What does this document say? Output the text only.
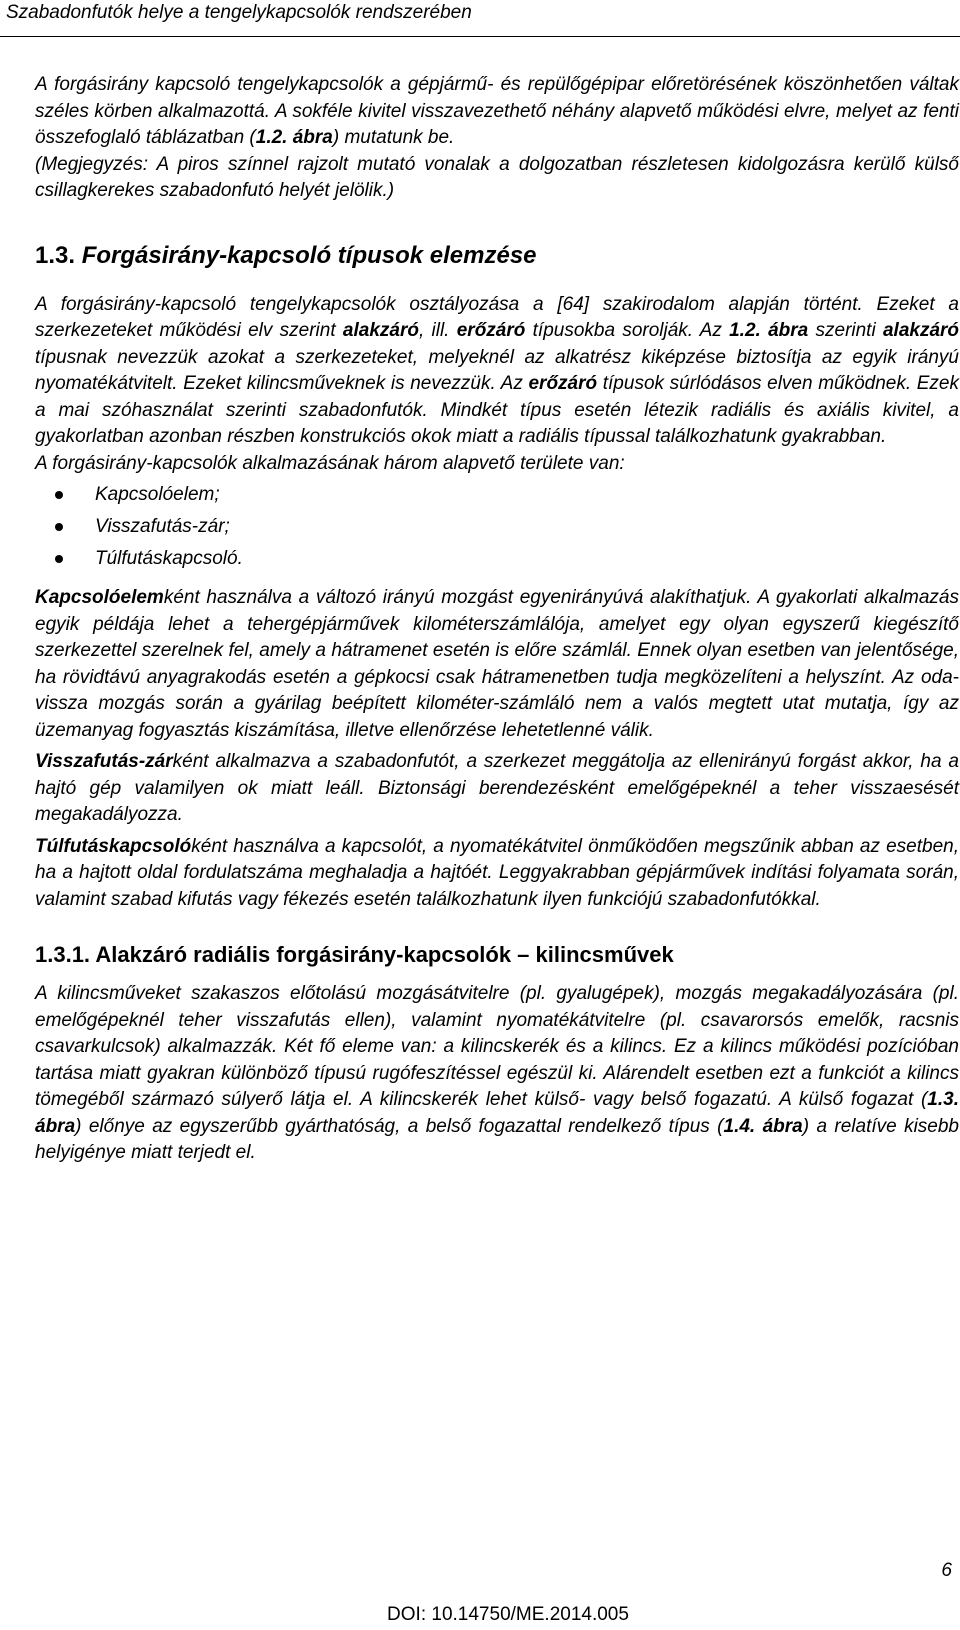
Szabadonfutók helye a tengelykapcsolók rendszerében

A forgásirány kapcsoló tengelykapcsolók a gépjármű- és repülőgépipar előretörésének köszönhetően váltak széles körben alkalmazottá. A sokféle kivitel visszavezethető néhány alapvető működési elvre, melyet az fenti összefoglaló táblázatban (1.2. ábra) mutatunk be.

(Megjegyzés: A piros színnel rajzolt mutató vonalak a dolgozatban részletesen kidolgozásra kerülő külső csillagkerekes szabadonfutó helyét jelölik.)

1.3. Forgásirány-kapcsoló típusok elemzése

A forgásirány-kapcsoló tengelykapcsolók osztályozása a [64] szakirodalom alapján történt. Ezeket a szerkezeteket működési elv szerint alakzáró, ill. erőzáró típusokba sorolják. Az 1.2. ábra szerinti alakzáró típusnak nevezzük azokat a szerkezeteket, melyeknél az alkatrész kiképzése biztosítja az egyik irányú nyomatékátvitelt. Ezeket kilincsműveknek is nevezzük. Az erőzáró típusok súrlódásos elven működnek. Ezek a mai szóhasználat szerinti szabadonfutók. Mindkét típus esetén létezik radiális és axiális kivitel, a gyakorlatban azonban részben konstrukciós okok miatt a radiális típussal találkozhatunk gyakrabban.

A forgásirány-kapcsolók alkalmazásának három alapvető területe van:

Kapcsolóelem;
Visszafutás-zár;
Túlfutáskapcsoló.

Kapcsolóelemként használva a változó irányú mozgást egyenirányúvá alakíthatjuk. A gyakorlati alkalmazás egyik példája lehet a tehergépjárművek kilométerszámlálója, amelyet egy olyan egyszerű kiegészítő szerkezettel szerelnek fel, amely a hátramenet esetén is előre számlál. Ennek olyan esetben van jelentősége, ha rövidtávú anyagrakodás esetén a gépkocsi csak hátramenetben tudja megközelíteni a helyszínt. Az oda-vissza mozgás során a gyárilag beépített kilométer-számláló nem a valós megtett utat mutatja, így az üzemanyag fogyasztás kiszámítása, illetve ellenőrzése lehetetlenné válik.

Visszafutás-zárként alkalmazva a szabadonfutót, a szerkezet meggátolja az ellenirányú forgást akkor, ha a hajtó gép valamilyen ok miatt leáll. Biztonsági berendezésként emelőgépeknél a teher visszaesését megakadályozza.

Túlfutáskapcsolóként használva a kapcsolót, a nyomatékátvitel önműködően megszűnik abban az esetben, ha a hajtott oldal fordulatszáma meghaladja a hajtóét. Leggyakrabban gépjárművek indítási folyamata során, valamint szabad kifutás vagy fékezés esetén találkozhatunk ilyen funkciójú szabadonfutókkal.

1.3.1. Alakzáró radiális forgásirány-kapcsolók – kilincsművek

A kilincsműveket szakaszos előtolású mozgásátvitelre (pl. gyalugépek), mozgás megakadályozására (pl. emelőgépeknél teher visszafutás ellen), valamint nyomatékátvitelre (pl. csavarorsós emelők, racsnis csavarkulcsok) alkalmazzák. Két fő eleme van: a kilincskerék és a kilincs. Ez a kilincs működési pozícióban tartása miatt gyakran különböző típusú rugófeszítéssel egészül ki. Alárendelt esetben ezt a funkciót a kilincs tömegéből származó súlyerő látja el. A kilincskerék lehet külső- vagy belső fogazatú. A külső fogazat (1.3. ábra) előnye az egyszerűbb gyárthatóság, a belső fogazattal rendelkező típus (1.4. ábra) a relatíve kisebb helyigénye miatt terjedt el.

6
DOI: 10.14750/ME.2014.005
